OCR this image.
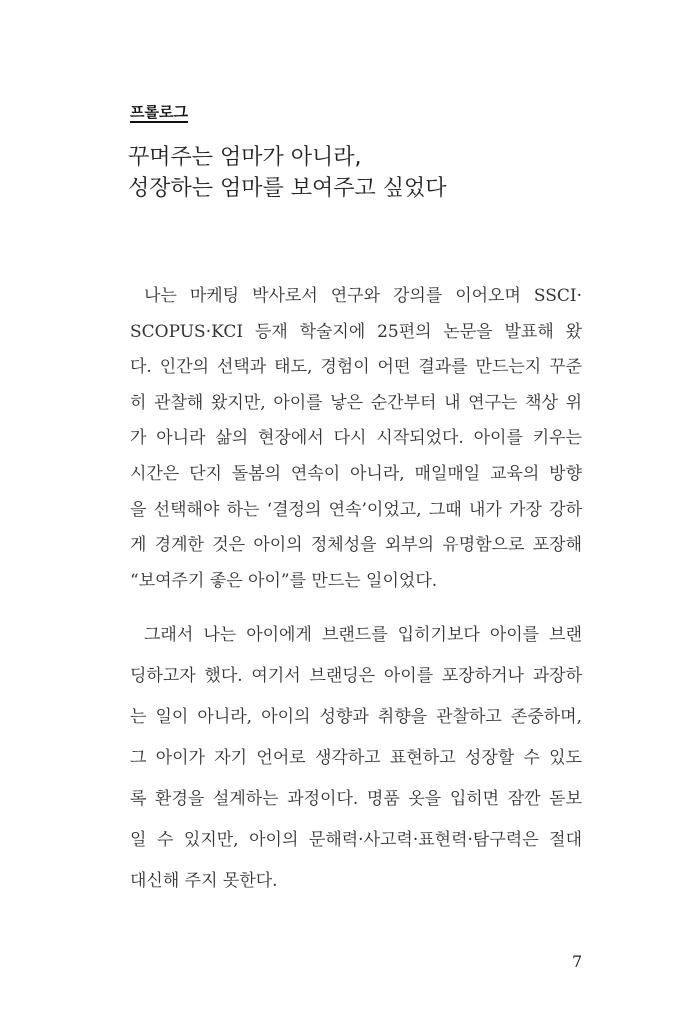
프롤로그
꾸며주는 엄마가 아니라,
성장하는 엄마를 보여주고 싶었다
나는 마케팅 박사로서 연구와 강의를 이어오며 SSCI·
SCOPUS·KCI 등재 학술지에 25편의 논문을 발표해 왔
다. 인간의 선택과 태도, 경험이 어떤 결과를 만드는지 꾸준
히 관찰해 왔지만, 아이를 낳은 순간부터 내 연구는 책상 위
가 아니라 삶의 현장에서 다시 시작되었다. 아이를 키우는
시간은 단지 돌봄의 연속이 아니라, 매일매일 교육의 방향
을 선택해야 하는 ‘결정의 연속’이었고, 그때 내가 가장 강하
게 경계한 것은 아이의 정체성을 외부의 유명함으로 포장해
“보여주기 좋은 아이”를 만드는 일이었다.
그래서 나는 아이에게 브랜드를 입히기보다 아이를 브랜
딩하고자 했다. 여기서 브랜딩은 아이를 포장하거나 과장하
는 일이 아니라, 아이의 성향과 취향을 관찰하고 존중하며,
그 아이가 자기 언어로 생각하고 표현하고 성장할 수 있도
록 환경을 설계하는 과정이다. 명품 옷을 입히면 잠깐 돋보
일 수 있지만, 아이의 문해력·사고력·표현력·탐구력은 절대
대신해 주지 못한다.
7
